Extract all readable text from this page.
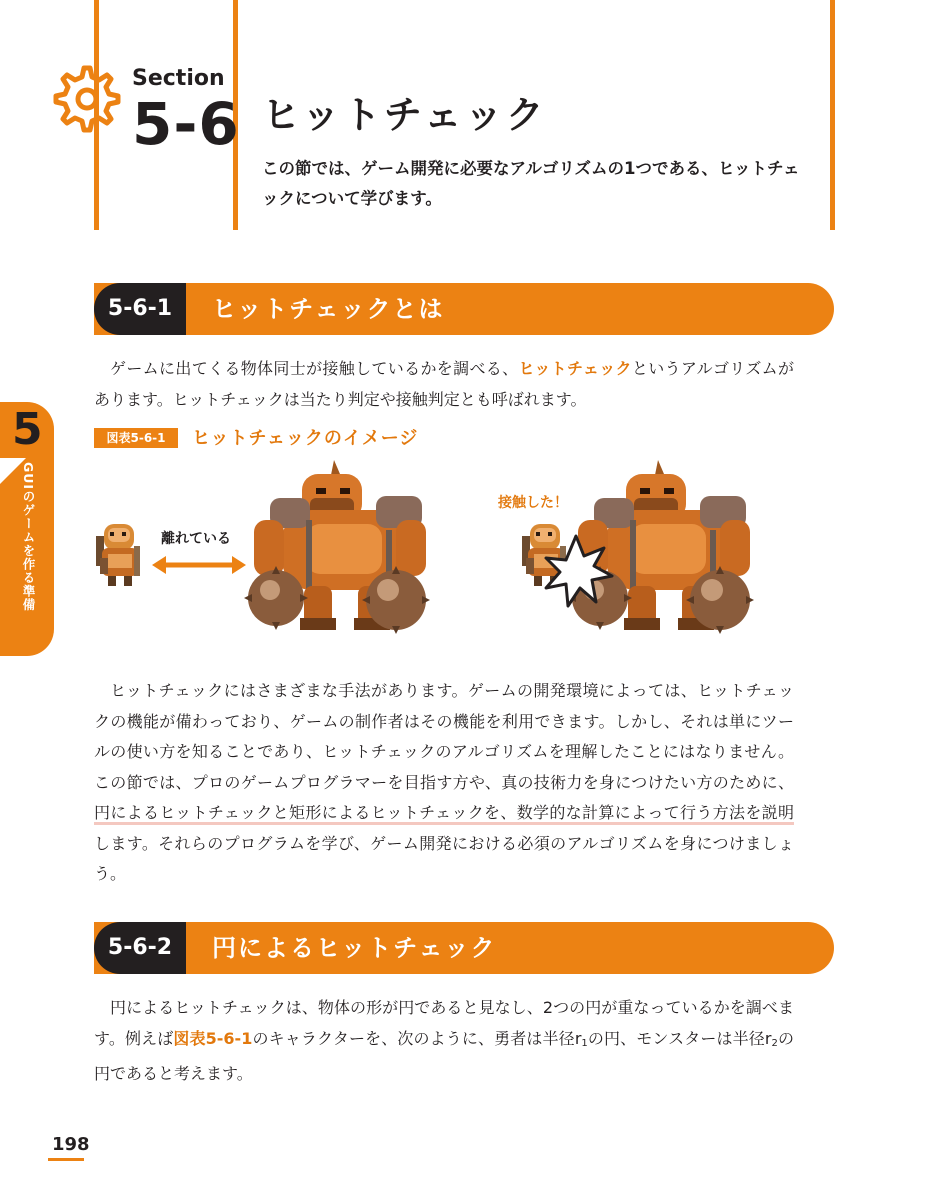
Section
5-6 ヒットチェック
この節では、ゲーム開発に必要なアルゴリズムの1つである、ヒットチェックについて学びます。
5
GUIのゲームを作る準備
5-6-1	ヒットチェックとは
ゲームに出てくる物体同士が接触しているかを調べる、ヒットチェックというアルゴリズムがあります。ヒットチェックは当たり判定や接触判定とも呼ばれます。
図表5-6-1	ヒットチェックのイメージ
離れている
接触した！
ヒットチェックにはさまざまな手法があります。ゲームの開発環境によっては、ヒットチェックの機能が備わっており、ゲームの制作者はその機能を利用できます。しかし、それは単にツールの使い方を知ることであり、ヒットチェックのアルゴリズムを理解したことにはなりません。この節では、プロのゲームプログラマーを目指す方や、真の技術力を身につけたい方のために、円によるヒットチェックと矩形によるヒットチェックを、数学的な計算によって行う方法を説明します。それらのプログラムを学び、ゲーム開発における必須のアルゴリズムを身につけましょう。
5-6-2	円によるヒットチェック
円によるヒットチェックは、物体の形が円であると見なし、2つの円が重なっているかを調べます。例えば図表5-6-1のキャラクターを、次のように、勇者は半径$r_1$の円、モンスターは半径$r_2$の円であると考えます。
198
